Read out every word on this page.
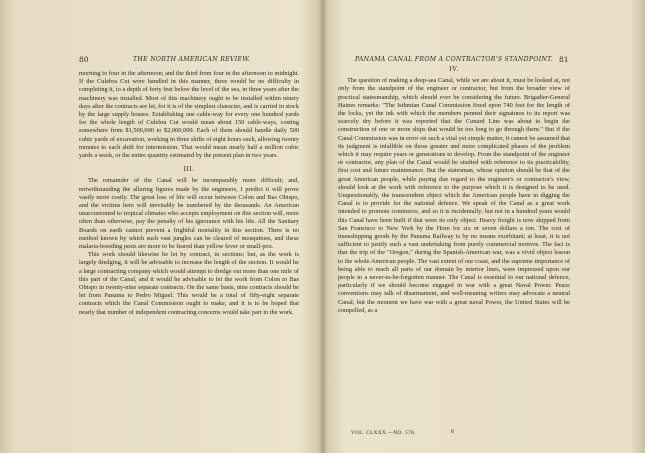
80	THE NORTH AMERICAN REVIEW.

morning to four in the afternoon; and the third from four in the afternoon to midnight. If the Culebra Cut were handled in this manner, there would be no difficulty in completing it, to a depth of forty feet below the level of the sea, in three years after the machinery was installed. Most of this machinery ought to be installed within ninety days after the contracts are let, for it is of the simplest character, and is carried in stock by the large supply houses. Establishing one cable-way for every one hundred yards for the whole length of Culebra Cut would mean about 150 cable-ways, costing somewhere from $1,500,000 to $2,000,000. Each of them should handle daily 500 cubic yards of excavation, working in three shifts of eight hours each, allowing twenty minutes to each shift for intermission. That would mean nearly half a million cubic yards a week, or the entire quantity estimated by the present plan in two years.

III.

The remainder of the Canal will be incomparably more difficult; and, notwithstanding the alluring figures made by the engineers, I predict it will prove vastly more costly. The great loss of life will occur between Colon and Bas Obispo, and the victims here will inevitably be numbered by the thousands. An American unaccustomed to tropical climates who accepts employment on this section will, more often than otherwise, pay the penalty of his ignorance with his life. All the Sanitary Boards on earth cannot prevent a frightful mortality in this section. There is no method known by which such vast jungles can be cleared of mosquitoes, and these malaria-breeding pests are more to be feared than yellow fever or small-pox.

This work should likewise be let by contract, in sections; but, as the work is largely dredging, it will be advisable to increase the length of the section. It would be a large contracting company which would attempt to dredge out more than one mile of this part of the Canal, and it would be advisable to let the work from Colon to Bas Obispo in twenty-nine separate contracts. On the same basis, nine contracts should be let from Panama to Pedro Miguel. This would be a total of fifty-eight separate contracts which the Canal Commission ought to make, and it is to be hoped that nearly that number of independent contracting concerns would take part in the work.

PANAMA CANAL FROM A CONTRACTOR'S STANDPOINT. 81
IV.

The question of making a deep-sea Canal, while we are about it, must be looked at, not only from the standpoint of the engineer or contractor, but from the broader view of practical statesmanship, which should ever be considering the future. Brigadier-General Haines remarks: "The Isthmian Canal Commission fixed upon 740 feet for the length of the locks, yet the ink with which the members penned their signatures to its report was scarcely dry before it was reported that the Cunard Line was about to begin the construction of one or more ships that would be too long to go through them." But if the Canal Commission was in error on such a vital yet simple matter, it cannot be assumed that its judgment is infallible on those greater and more complicated phases of the problem which it may require years or generations to develop. From the standpoint of the engineer or contractor, any plan of the Canal would be studied with reference to its practicability, first cost and future maintenance. But the statesman, whose opinion should be that of the great American people, while paying due regard to the engineer's or contractor's view, should look at the work with reference to the purpose which it is designed to be used. Unquestionably, the transcendent object which the American people have in digging the Canal is to provide for the national defence. We speak of the Canal as a great work intended to promote commerce, and so it is incidentally; but not in a hundred years would this Canal have been built if that were its only object. Heavy freight is now shipped from San Francisco to New York by the Horn for six or seven dollars a ton. The cost of transshipping goods by the Panama Railway is by no means exorbitant; at least, it is not sufficient to justify such a vast undertaking from purely commercial motives. The fact is that the trip of the "Oregon," during the Spanish-American war, was a vivid object lesson to the whole American people. The vast extent of our coast, and the supreme importance of being able to reach all parts of our domain by interior lines, were impressed upon our people in a never-to-be-forgotten manner. The Canal is essential to our national defence, particularly if we should become engaged in war with a great Naval Power. Peace conventions may talk of disarmament, and well-meaning writers may advocate a neutral Canal; but the moment we have war with a great naval Power, the United States will be compelled, as a

VOL. CLXXX.—NO. 578.	6
